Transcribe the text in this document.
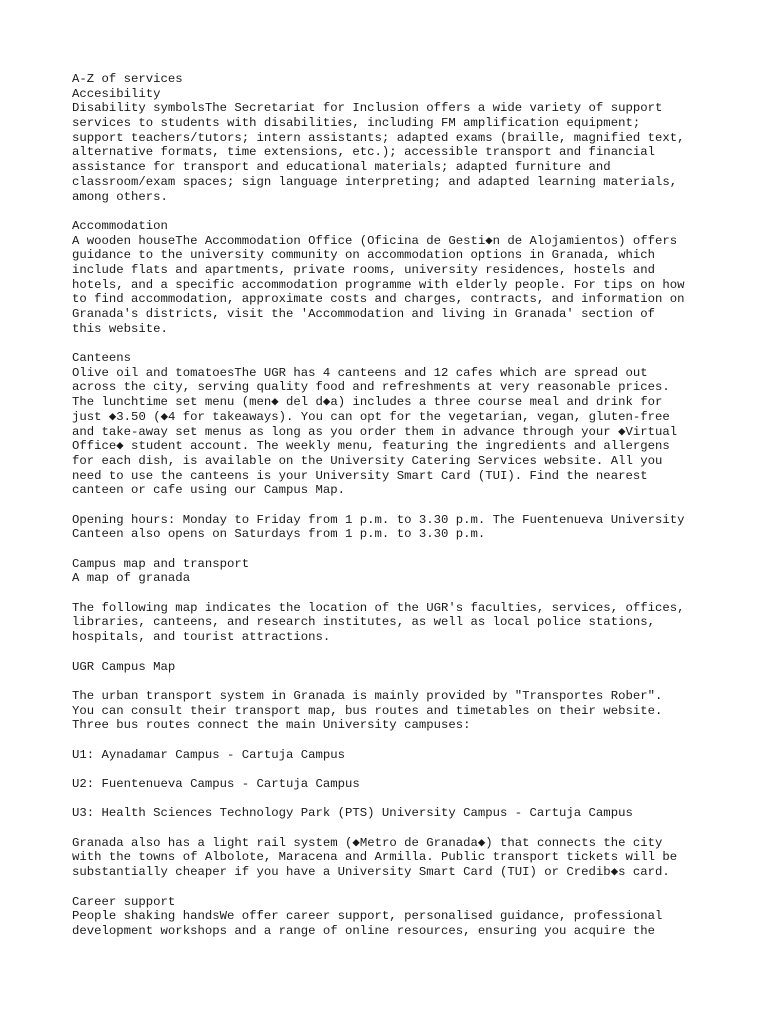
A-Z of services
Accesibility
Disability symbolsThe Secretariat for Inclusion offers a wide variety of support
services to students with disabilities, including FM amplification equipment;
support teachers/tutors; intern assistants; adapted exams (braille, magnified text,
alternative formats, time extensions, etc.); accessible transport and financial
assistance for transport and educational materials; adapted furniture and
classroom/exam spaces; sign language interpreting; and adapted learning materials,
among others.
Accommodation
A wooden houseThe Accommodation Office (Oficina de Gesti◆n de Alojamientos) offers
guidance to the university community on accommodation options in Granada, which
include flats and apartments, private rooms, university residences, hostels and
hotels, and a specific accommodation programme with elderly people. For tips on how
to find accommodation, approximate costs and charges, contracts, and information on
Granada's districts, visit the 'Accommodation and living in Granada' section of
this website.
Canteens
Olive oil and tomatoesThe UGR has 4 canteens and 12 cafes which are spread out
across the city, serving quality food and refreshments at very reasonable prices.
The lunchtime set menu (men◆ del d◆a) includes a three course meal and drink for
just ◆3.50 (◆4 for takeaways). You can opt for the vegetarian, vegan, gluten-free
and take-away set menus as long as you order them in advance through your ◆Virtual
Office◆ student account. The weekly menu, featuring the ingredients and allergens
for each dish, is available on the University Catering Services website. All you
need to use the canteens is your University Smart Card (TUI). Find the nearest
canteen or cafe using our Campus Map.
Opening hours: Monday to Friday from 1 p.m. to 3.30 p.m. The Fuentenueva University
Canteen also opens on Saturdays from 1 p.m. to 3.30 p.m.
Campus map and transport
A map of granada
The following map indicates the location of the UGR's faculties, services, offices,
libraries, canteens, and research institutes, as well as local police stations,
hospitals, and tourist attractions.
UGR Campus Map
The urban transport system in Granada is mainly provided by "Transportes Rober".
You can consult their transport map, bus routes and timetables on their website.
Three bus routes connect the main University campuses:
U1: Aynadamar Campus - Cartuja Campus
U2: Fuentenueva Campus - Cartuja Campus
U3: Health Sciences Technology Park (PTS) University Campus - Cartuja Campus
Granada also has a light rail system (◆Metro de Granada◆) that connects the city
with the towns of Albolote, Maracena and Armilla. Public transport tickets will be
substantially cheaper if you have a University Smart Card (TUI) or Credib◆s card.
Career support
People shaking handsWe offer career support, personalised guidance, professional
development workshops and a range of online resources, ensuring you acquire the
